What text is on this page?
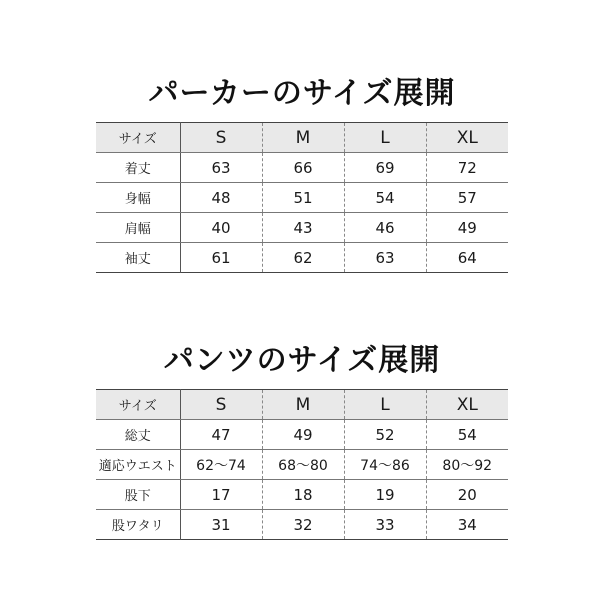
パーカーのサイズ展開
サイズ	S	M	L	XL
着丈	63	66	69	72
身幅	48	51	54	57
肩幅	40	43	46	49
袖丈	61	62	63	64
パンツのサイズ展開
サイズ	S	M	L	XL
総丈	47	49	52	54
適応ウエスト	62〜74	68〜80	74〜86	80〜92
股下	17	18	19	20
股ワタリ	31	32	33	34
